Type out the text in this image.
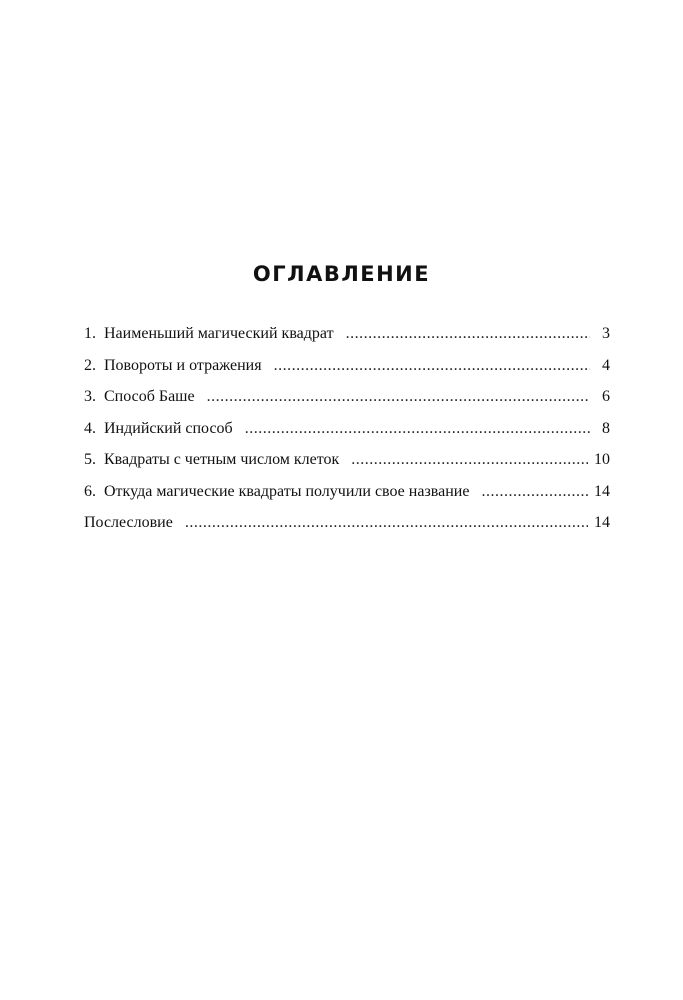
ОГЛАВЛЕНИЕ
1. Наименьший магический квадрат .....	3
2. Повороты и отражения .....	4
3. Способ Баше .....	6
4. Индийский способ .....	8
5. Квадраты с четным числом клеток .....	10
6. Откуда магические квадраты получили свое название .....	14
Послесловие .....	14
